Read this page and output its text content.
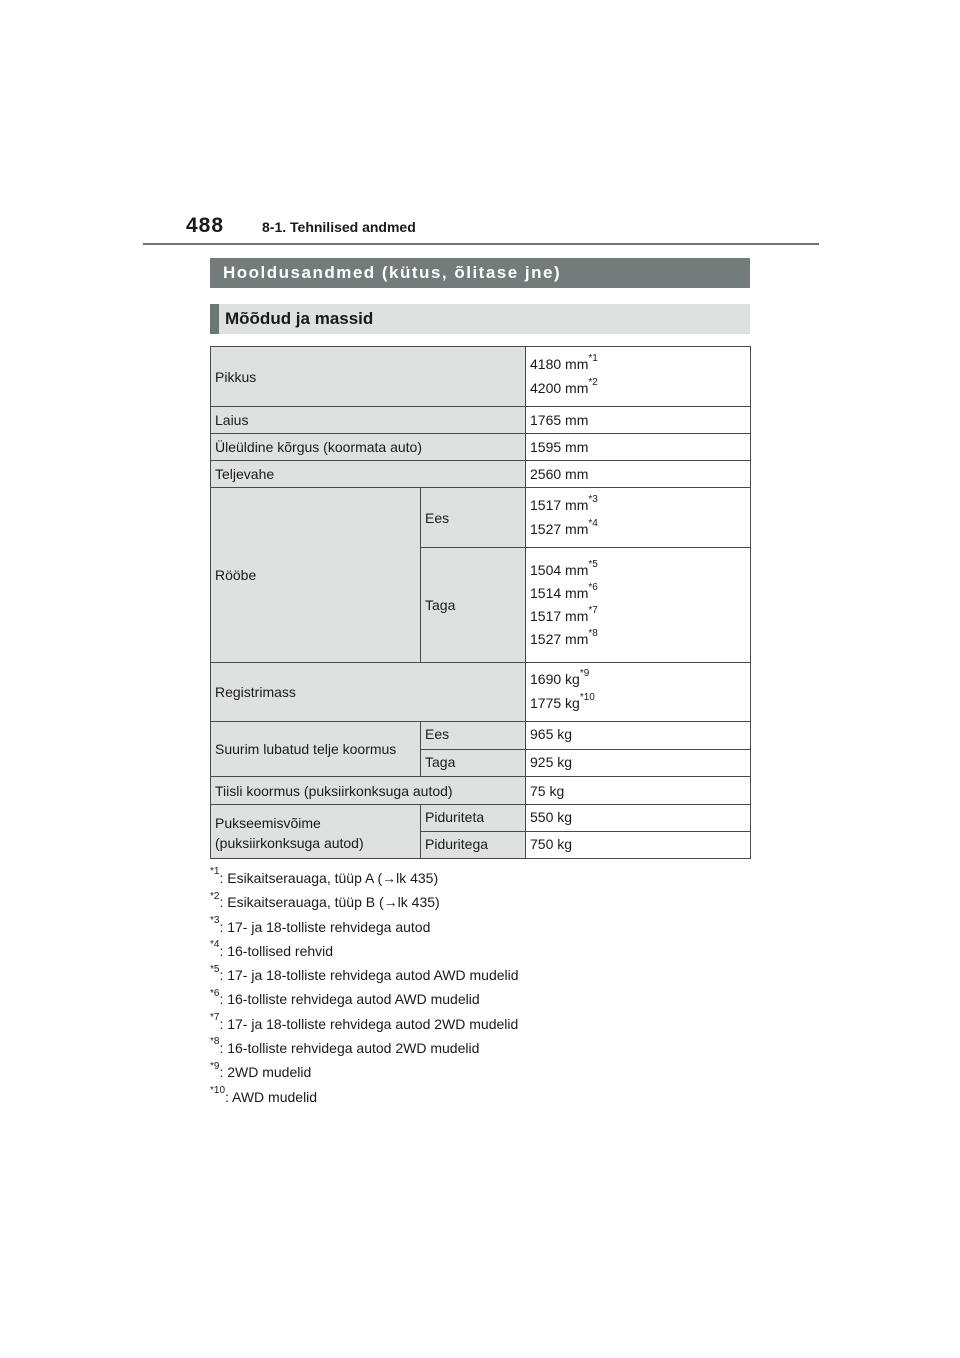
488	8-1. Tehnilised andmed
Hooldusandmed (kütus, õlitase jne)
Mõõdud ja massid
Pikkus		4180 $mm^{*1}$
4200 $mm^{*2}$

Laius		1765 mm
Üleüldine kõrgus (koormata auto)		1595 mm
Teljevahe		2560 mm
Rööbe	Ees	1517 $mm^{*3}$
1527 $mm^{*4}$

	Taga	1504 $mm^{*5}$
1514 $mm^{*6}$
1517 $mm^{*7}$
1527 $mm^{*8}$

Registrimass		1690 $kg^{*9}$
1775 $kg^{*10}$

Suurim lubatud telje koormus	Ees	965 kg
	Taga	925 kg
Tiisli koormus (puksiirkonksuga autod)		75 kg
Pukseemisvõime
(puksiirkonksuga autod)	Piduriteta	550 kg
	Piduritega	750 kg
$^{*1}$: Esikaitserauaga, tüüp A (→lk 435)
$^{*2}$: Esikaitserauaga, tüüp B (→lk 435)
$^{*3}$: 17- ja 18-tolliste rehvidega autod
$^{*4}$: 16-tollised rehvid
$^{*5}$: 17- ja 18-tolliste rehvidega autod AWD mudelid
$^{*6}$: 16-tolliste rehvidega autod AWD mudelid
$^{*7}$: 17- ja 18-tolliste rehvidega autod 2WD mudelid
$^{*8}$: 16-tolliste rehvidega autod 2WD mudelid
$^{*9}$: 2WD mudelid
$^{*10}$: AWD mudelid
